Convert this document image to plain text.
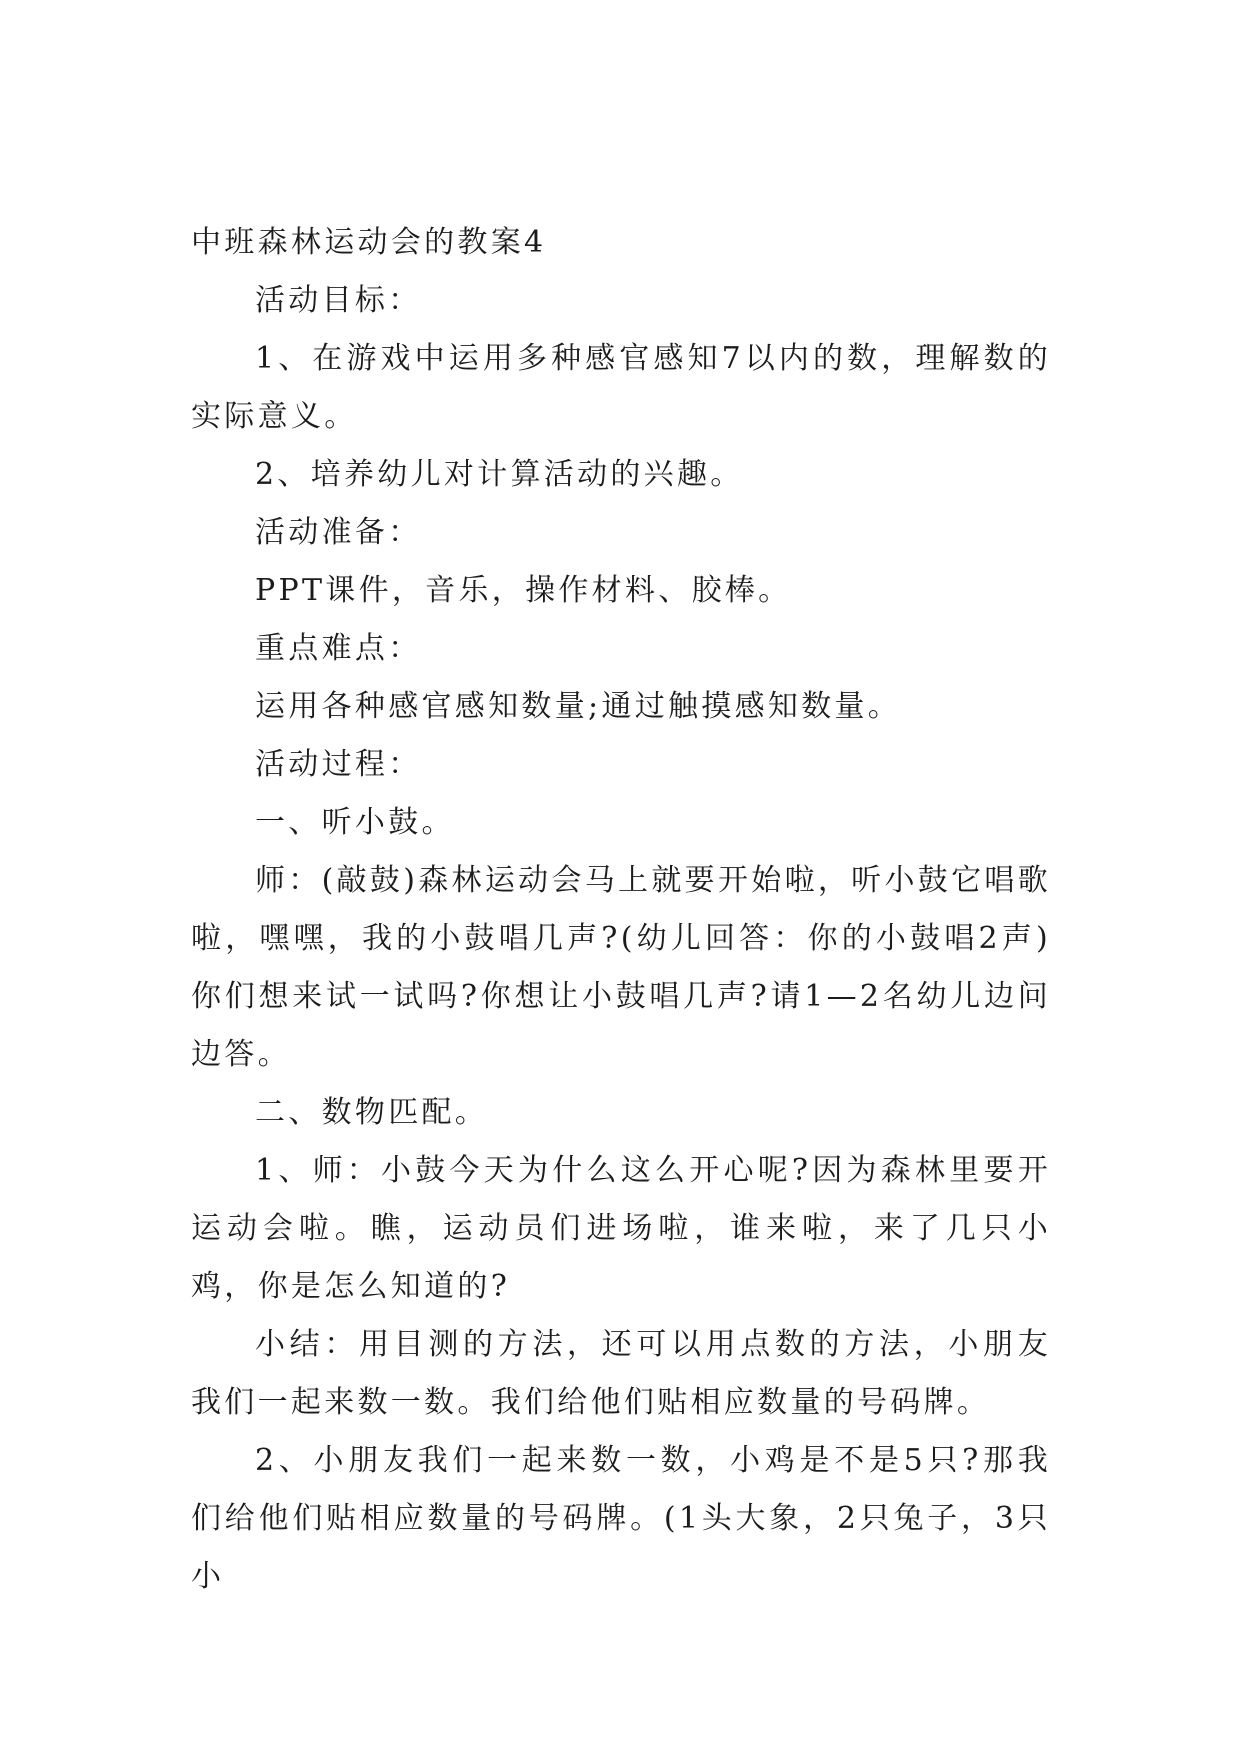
中班森林运动会的教案4

活动目标：

1、在游戏中运用多种感官感知7以内的数，理解数的实际意义。

2、培养幼儿对计算活动的兴趣。

活动准备：

PPT课件，音乐，操作材料、胶棒。

重点难点：

运用各种感官感知数量;通过触摸感知数量。

活动过程：

一、听小鼓。

师：(敲鼓)森林运动会马上就要开始啦，听小鼓它唱歌啦，嘿嘿，我的小鼓唱几声?(幼儿回答：你的小鼓唱2声)你们想来试一试吗?你想让小鼓唱几声?请1—2名幼儿边问边答。

二、数物匹配。

1、师：小鼓今天为什么这么开心呢?因为森林里要开运动会啦。瞧，运动员们进场啦，谁来啦，来了几只小鸡，你是怎么知道的?

小结：用目测的方法，还可以用点数的方法，小朋友我们一起来数一数。我们给他们贴相应数量的号码牌。

2、小朋友我们一起来数一数，小鸡是不是5只?那我们给他们贴相应数量的号码牌。(1头大象，2只兔子，3只小
